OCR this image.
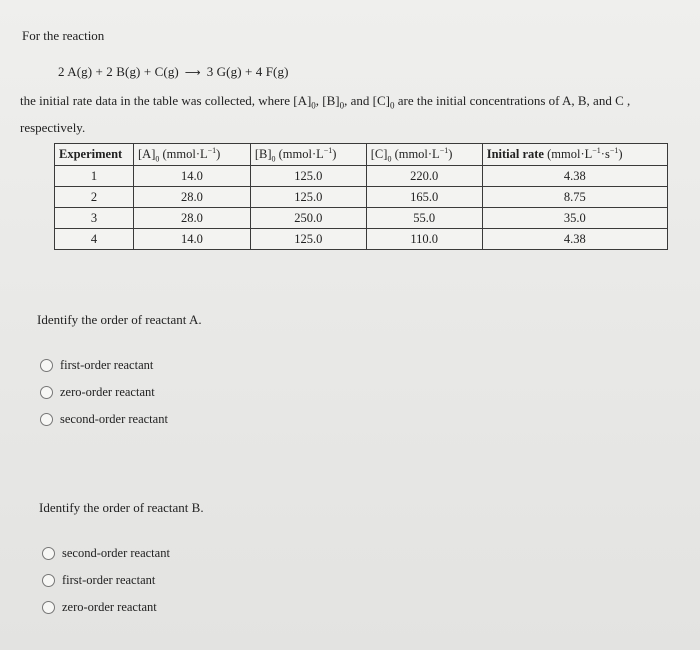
For the reaction
2 A(g) + 2 B(g) + C(g) ⟶ 3 G(g) + 4 F(g)
the initial rate data in the table was collected, where $[A]_0$, $[B]_0$, and $[C]_0$ are the initial concentrations of A, B, and C , respectively.
Experiment	$[A]_0$ $(mmol\cdot L^{-1})$	$[B]_0$ $(mmol\cdot L^{-1})$	$[C]_0$ $(mmol\cdot L^{-1})$	Initial rate $(mmol\cdot L^{-1}\cdot s^{-1})$
1	14.0	125.0	220.0	4.38
2	28.0	125.0	165.0	8.75
3	28.0	250.0	55.0	35.0
4	14.0	125.0	110.0	4.38
Identify the order of reactant A.
first-order reactant
zero-order reactant
second-order reactant
Identify the order of reactant B.
second-order reactant
first-order reactant
zero-order reactant
